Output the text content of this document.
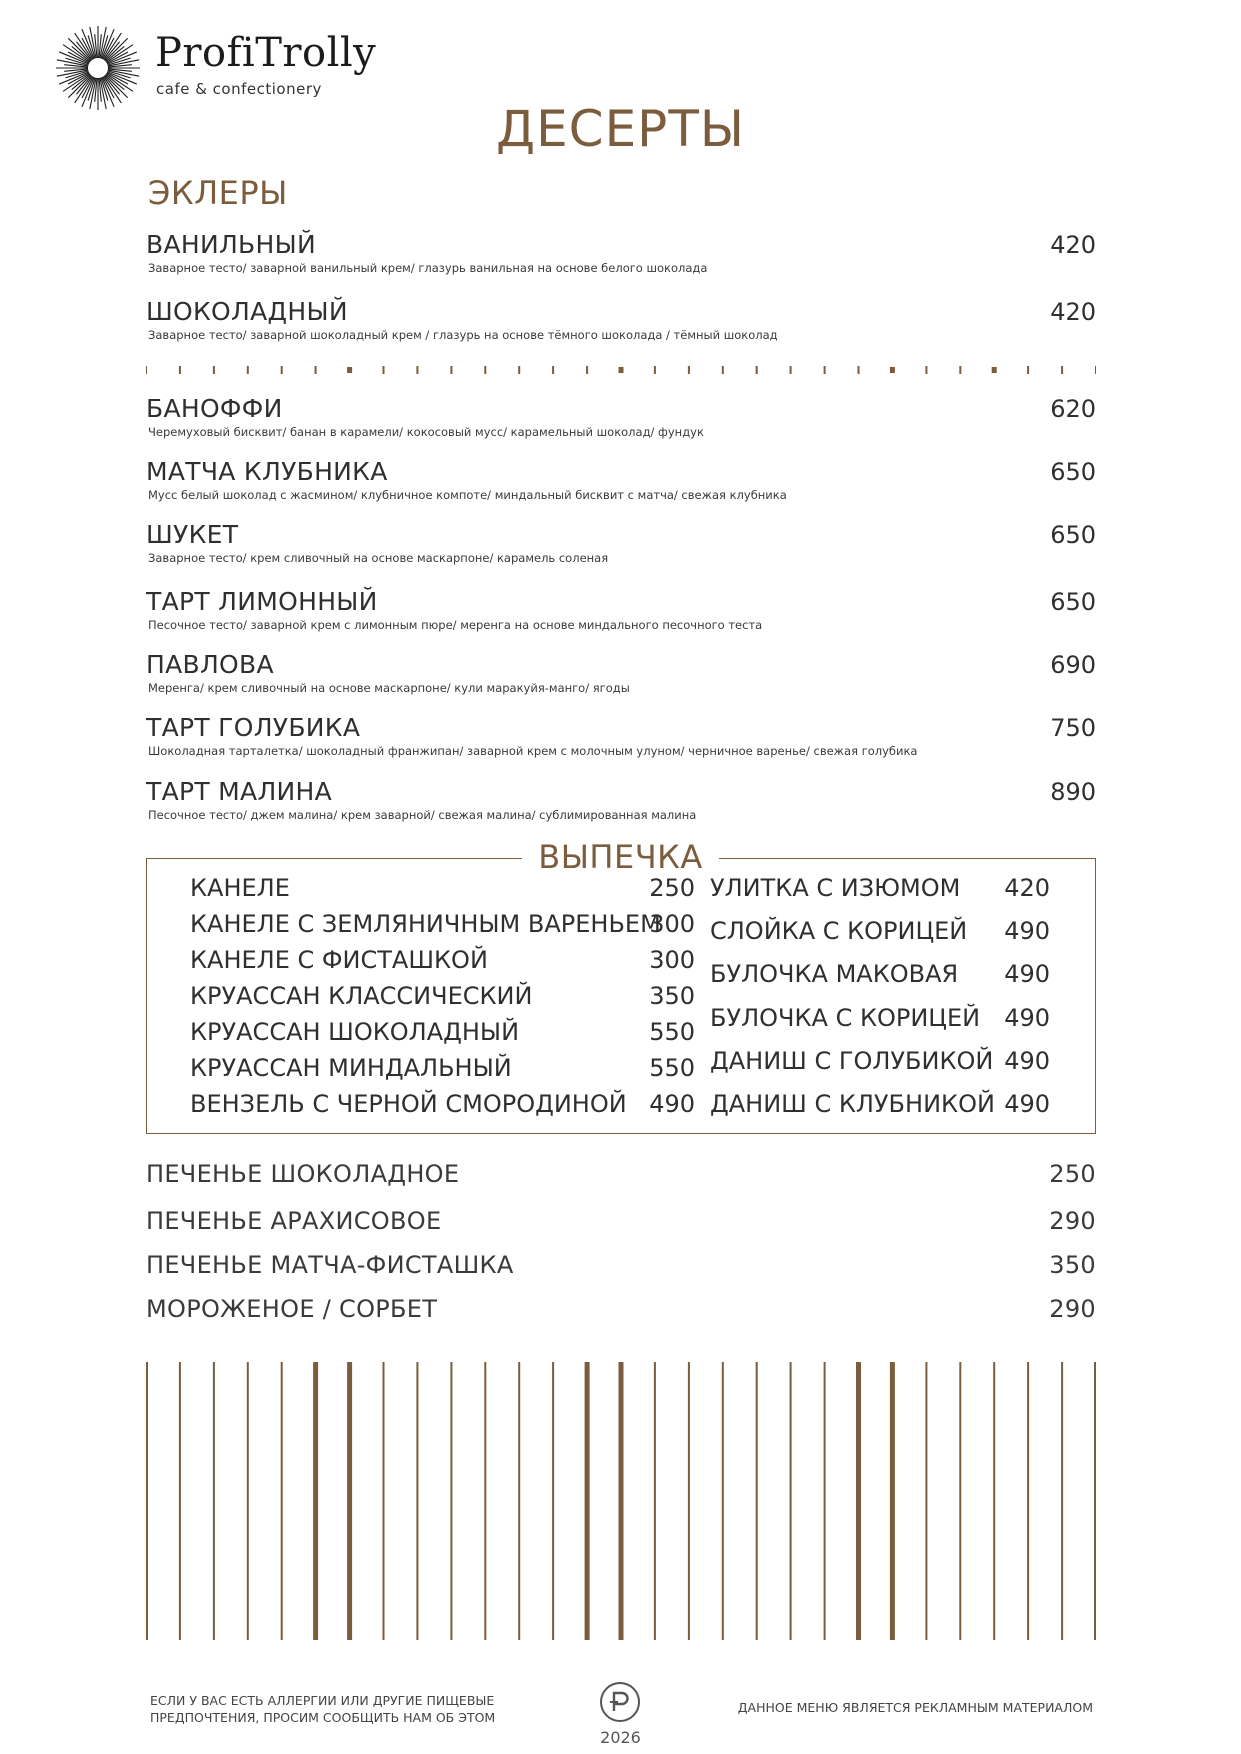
ProfiTrolly
cafe & confectionery
ДЕСЕРТЫ
ЭКЛЕРЫ
ВАНИЛЬНЫЙ
Заварное тесто/ заварной ванильный крем/ глазурь ванильная на основе белого шоколада
420
ШОКОЛАДНЫЙ
Заварное тесто/ заварной шоколадный крем / глазурь на основе тёмного шоколада / тёмный шоколад
420
БАНОФФИ
Черемуховый бисквит/ банан в карамели/ кокосовый мусс/ карамельный шоколад/ фундук
620
МАТЧА КЛУБНИКА
Мусс белый шоколад с жасмином/ клубничное компоте/ миндальный бисквит с матча/ свежая клубника
650
ШУКЕТ
Заварное тесто/ крем сливочный на основе маскарпоне/ карамель соленая
650
ТАРТ ЛИМОННЫЙ
Песочное тесто/ заварной крем с лимонным пюре/ меренга на основе миндального песочного теста
650
ПАВЛОВА
Меренга/ крем сливочный на основе маскарпоне/ кули маракуйя-манго/ ягоды
690
ТАРТ ГОЛУБИКА
Шоколадная тарталетка/ шоколадный франжипан/ заварной крем с молочным улуном/ черничное варенье/ свежая голубика
750
ТАРТ МАЛИНА
Песочное тесто/ джем малина/ крем заварной/ свежая малина/ сублимированная малина
890
ВЫПЕЧКА
КАНЕЛЕ	250
КАНЕЛЕ С ЗЕМЛЯНИЧНЫМ ВАРЕНЬЕМ
300
КАНЕЛЕ С ФИСТАШКОЙ	300
КРУАССАН КЛАССИЧЕСКИЙ	350
КРУАССАН ШОКОЛАДНЫЙ	550
КРУАССАН МИНДАЛЬНЫЙ	550
ВЕНЗЕЛЬ С ЧЕРНОЙ СМОРОДИНОЙ 490
УЛИТКА С ИЗЮМОМ 420
СЛОЙКА С КОРИЦЕЙ 490
БУЛОЧКА МАКОВАЯ 490
БУЛОЧКА С КОРИЦЕЙ 490
ДАНИШ С ГОЛУБИКОЙ 490
ДАНИШ С КЛУБНИКОЙ 490
ПЕЧЕНЬЕ ШОКОЛАДНОЕ	250
ПЕЧЕНЬЕ АРАХИСОВОЕ	290
ПЕЧЕНЬЕ МАТЧА-ФИСТАШКА	350
МОРОЖЕНОЕ / СОРБЕТ	290
ЕСЛИ У ВАС ЕСТЬ АЛЛЕРГИИ ИЛИ ДРУГИЕ ПИЩЕВЫЕ
ПРЕДПОЧТЕНИЯ, ПРОСИМ СООБЩИТЬ НАМ ОБ ЭТОМ
2026
ДАННОЕ МЕНЮ ЯВЛЯЕТСЯ РЕКЛАМНЫМ МАТЕРИАЛОМ
